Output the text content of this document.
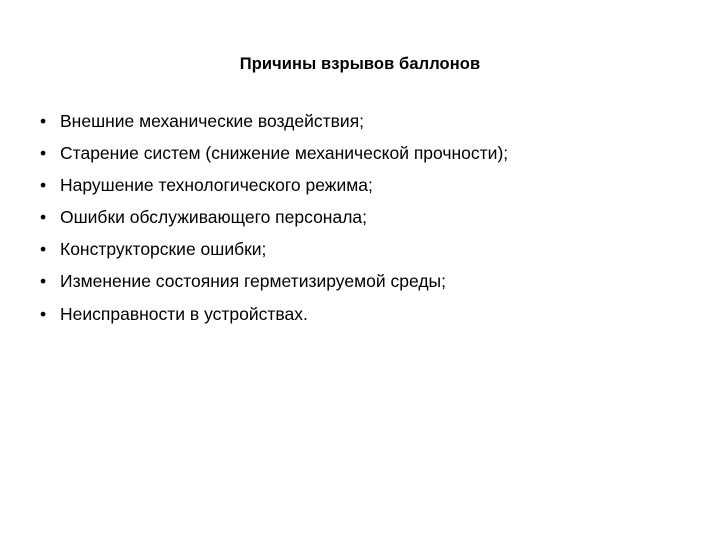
Причины взрывов баллонов
• Внешние механические воздействия;
• Старение систем (снижение механической прочности);
• Нарушение технологического режима;
• Ошибки обслуживающего персонала;
• Конструкторские ошибки;
• Изменение состояния герметизируемой среды;
• Неисправности в устройствах.
